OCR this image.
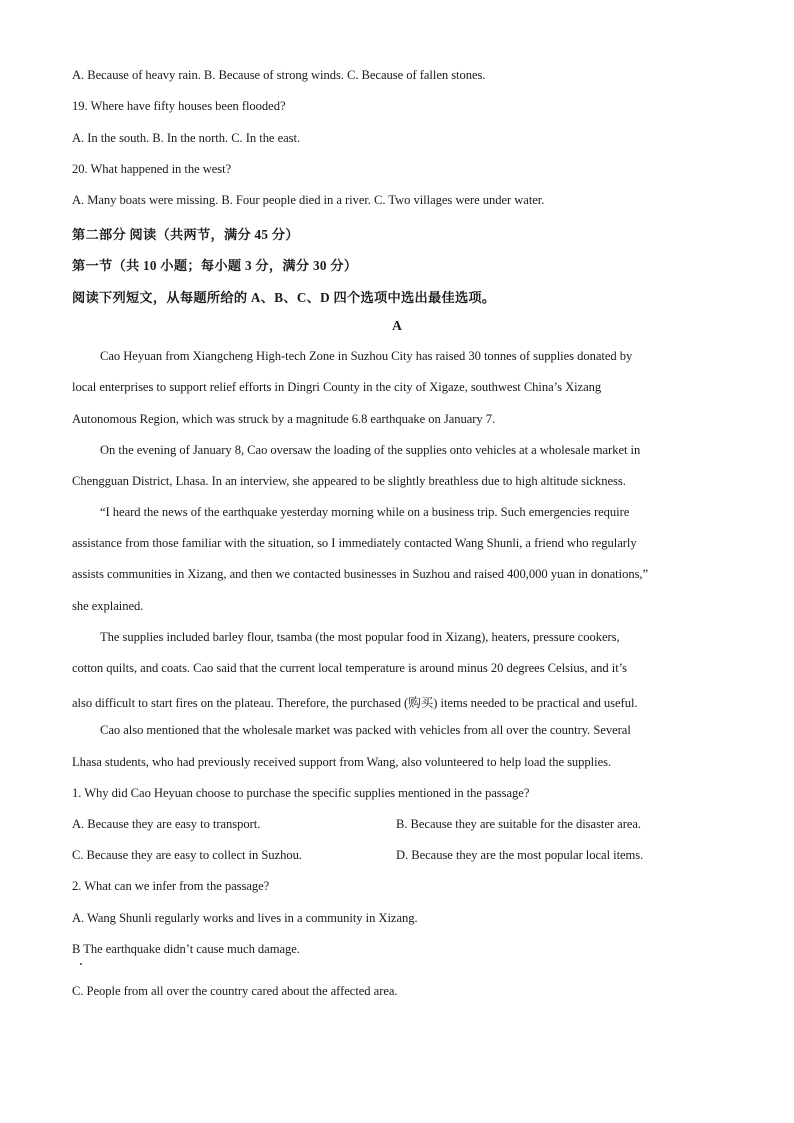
A. Because of heavy rain. B. Because of strong winds. C. Because of fallen stones.
19. Where have fifty houses been flooded?
A. In the south. B. In the north. C. In the east.
20. What happened in the west?
A. Many boats were missing. B. Four people died in a river. C. Two villages were under water.
第二部分 阅读（共两节，满分 45 分）
第一节（共 10 小题；每小题 3 分，满分 30 分）
阅读下列短文，从每题所给的 A、B、C、D 四个选项中选出最佳选项。
A
Cao Heyuan from Xiangcheng High-tech Zone in Suzhou City has raised 30 tonnes of supplies donated by
local enterprises to support relief efforts in Dingri County in the city of Xigaze, southwest China’s Xizang
Autonomous Region, which was struck by a magnitude 6.8 earthquake on January 7.
On the evening of January 8, Cao oversaw the loading of the supplies onto vehicles at a wholesale market in
Chengguan District, Lhasa. In an interview, she appeared to be slightly breathless due to high altitude sickness.
“I heard the news of the earthquake yesterday morning while on a business trip. Such emergencies require
assistance from those familiar with the situation, so I immediately contacted Wang Shunli, a friend who regularly
assists communities in Xizang, and then we contacted businesses in Suzhou and raised 400,000 yuan in donations,”
she explained.
The supplies included barley flour, tsamba (the most popular food in Xizang), heaters, pressure cookers,
cotton quilts, and coats. Cao said that the current local temperature is around minus 20 degrees Celsius, and it’s
also difficult to start fires on the plateau. Therefore, the purchased (购买) items needed to be practical and useful.
Cao also mentioned that the wholesale market was packed with vehicles from all over the country. Several
Lhasa students, who had previously received support from Wang, also volunteered to help load the supplies.
1. Why did Cao Heyuan choose to purchase the specific supplies mentioned in the passage?
A. Because they are easy to transport.	B. Because they are suitable for the disaster area.
C. Because they are easy to collect in Suzhou.	D. Because they are the most popular local items.
2. What can we infer from the passage?
A. Wang Shunli regularly works and lives in a community in Xizang.
B The earthquake didn’t cause much damage.
C. People from all over the country cared about the affected area.
